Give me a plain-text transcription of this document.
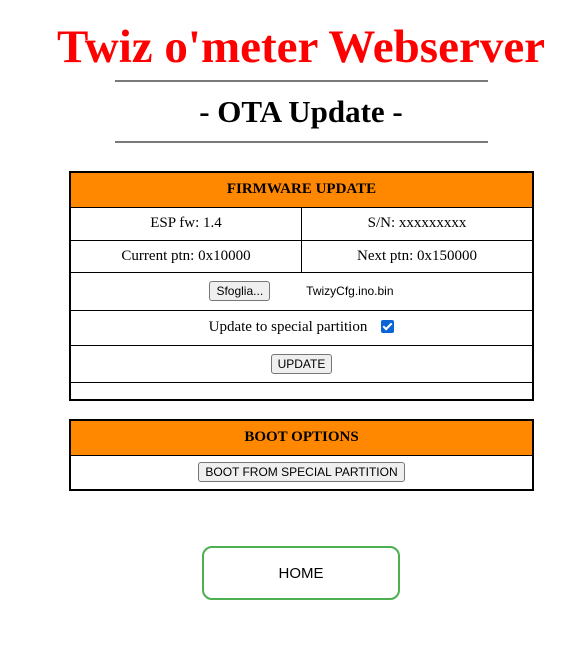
Twiz o'meter Webserver
- OTA Update -
FIRMWARE UPDATE	
ESP fw: 1.4	S/N: xxxxxxxxx
Current ptn: 0x10000	Next ptn: 0x150000
Sfoglia... TwizyCfg.ino.bin	
Update to special partition	
UPDATE	

BOOT OPTIONS
BOOT FROM SPECIAL PARTITION
HOME
